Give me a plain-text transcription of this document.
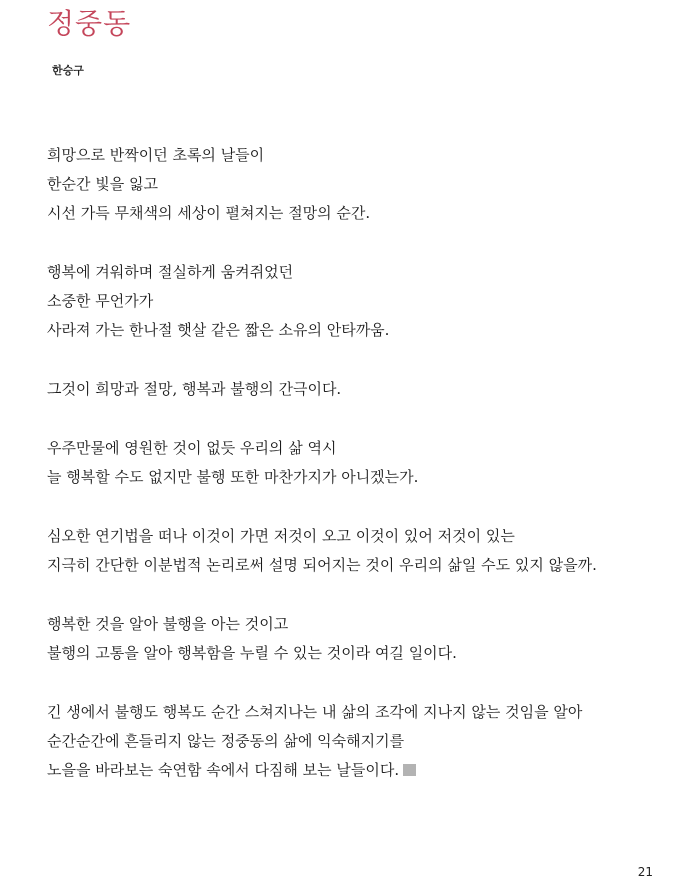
정중동

한승구

희망으로 반짝이던 초록의 날들이
한순간 빛을 잃고
시선 가득 무채색의 세상이 펼쳐지는 절망의 순간.
행복에 겨워하며 절실하게 움켜쥐었던
소중한 무언가가
사라져 가는 한나절 햇살 같은 짧은 소유의 안타까움.
그것이 희망과 절망, 행복과 불행의 간극이다.
우주만물에 영원한 것이 없듯 우리의 삶 역시
늘 행복할 수도 없지만 불행 또한 마찬가지가 아니겠는가.
심오한 연기법을 떠나 이것이 가면 저것이 오고 이것이 있어 저것이 있는
지극히 간단한 이분법적 논리로써 설명 되어지는 것이 우리의 삶일 수도 있지 않을까.
행복한 것을 알아 불행을 아는 것이고
불행의 고통을 알아 행복함을 누릴 수 있는 것이라 여길 일이다.
긴 생에서 불행도 행복도 순간 스쳐지나는 내 삶의 조각에 지나지 않는 것임을 알아
순간순간에 흔들리지 않는 정중동의 삶에 익숙해지기를
노을을 바라보는 숙연함 속에서 다짐해 보는 날들이다.
21
